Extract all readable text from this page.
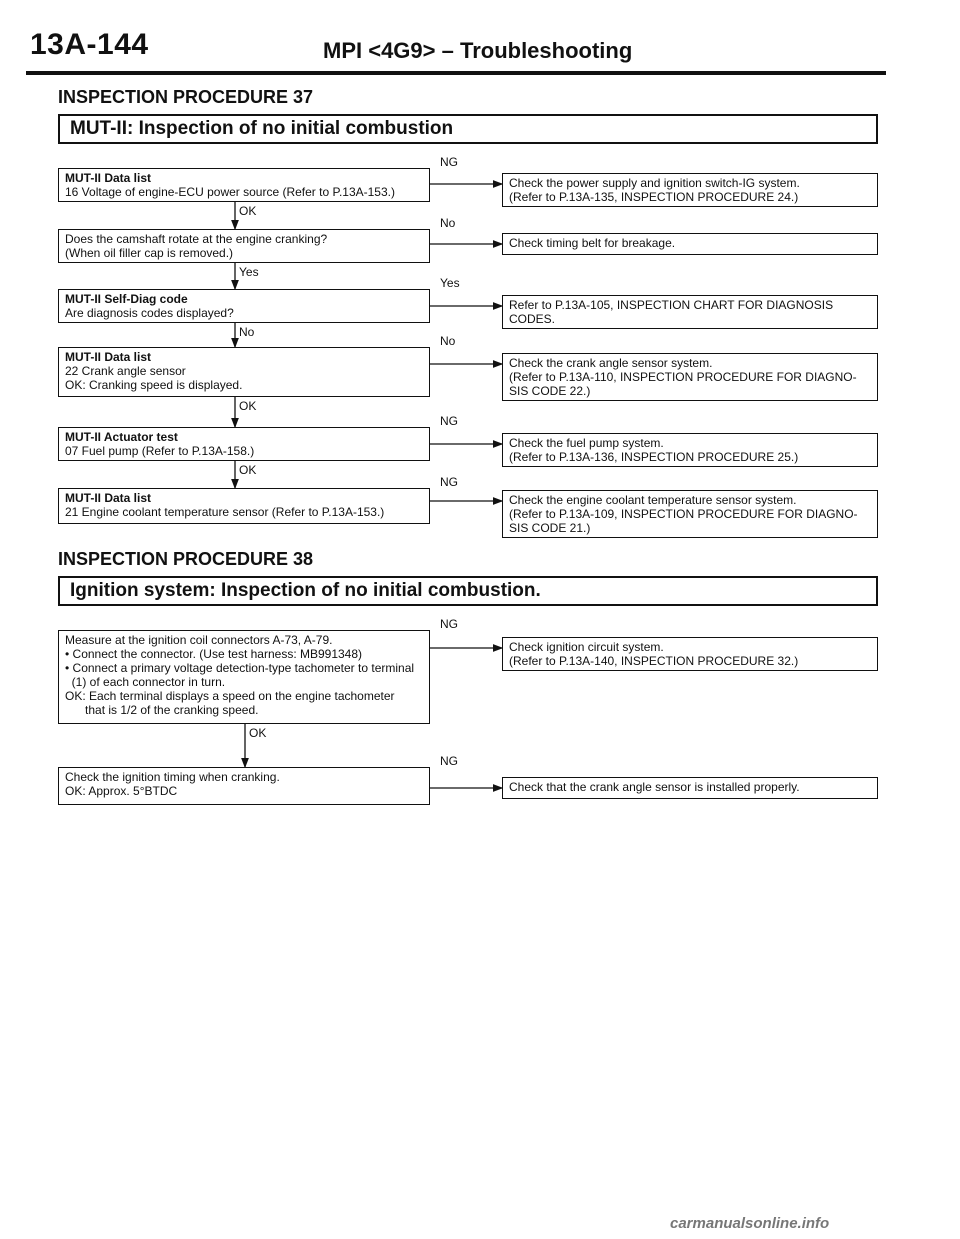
13A-144	MPI <4G9> – Troubleshooting
INSPECTION PROCEDURE 37
MUT-II: Inspection of no initial combustion
INSPECTION PROCEDURE 38
Ignition system: Inspection of no initial combustion.
MUT-II Data list
16 Voltage of engine-ECU power source (Refer to P.13A-153.)
Check the power supply and ignition switch-IG system.
(Refer to P.13A-135, INSPECTION PROCEDURE 24.)
NG
OK
Does the camshaft rotate at the engine cranking?
(When oil filler cap is removed.)
Check timing belt for breakage.
No
Yes
MUT-II Self-Diag code
Are diagnosis codes displayed?
Refer to P.13A-105, INSPECTION CHART FOR DIAGNOSIS
CODES.
Yes
No
MUT-II Data list
22 Crank angle sensor
OK: Cranking speed is displayed.
Check the crank angle sensor system.
(Refer to P.13A-110, INSPECTION PROCEDURE FOR DIAGNO-
SIS CODE 22.)
No
OK
MUT-II Actuator test
07 Fuel pump (Refer to P.13A-158.)
Check the fuel pump system.
(Refer to P.13A-136, INSPECTION PROCEDURE 25.)
NG
OK
MUT-II Data list
21 Engine coolant temperature sensor (Refer to P.13A-153.)
Check the engine coolant temperature sensor system.
(Refer to P.13A-109, INSPECTION PROCEDURE FOR DIAGNO-
SIS CODE 21.)
NG
Measure at the ignition coil connectors A-73, A-79.
• Connect the connector. (Use test harness: MB991348)
• Connect a primary voltage detection-type tachometer to terminal
(1) of each connector in turn.
OK: Each terminal displays a speed on the engine tachometer
that is 1/2 of the cranking speed.
Check ignition circuit system.
(Refer to P.13A-140, INSPECTION PROCEDURE 32.)
NG
OK
Check the ignition timing when cranking.
OK: Approx. 5°BTDC	Check that the crank angle sensor is installed properly.
NG
carmanualsonline.info
